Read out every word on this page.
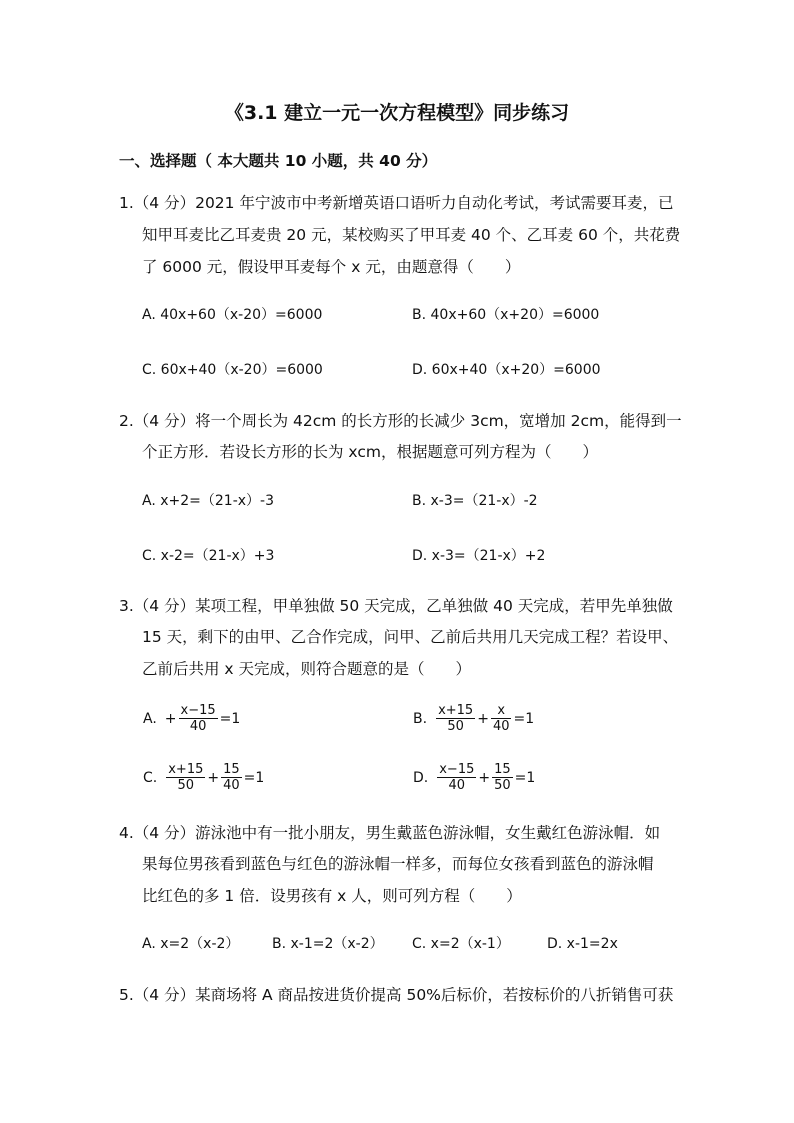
《3.1 建立一元一次方程模型》同步练习
一、选择题（ 本大题共 10 小题，共 40 分）
1.（4 分）2021 年宁波市中考新增英语口语听力自动化考试，考试需要耳麦，已
知甲耳麦比乙耳麦贵 20 元，某校购买了甲耳麦 40 个、乙耳麦 60 个，共花费
了 6000 元，假设甲耳麦每个 x 元，由题意得（　　）
A. 40x+60（x-20）=6000	B. 40x+60（x+20）=6000
C. 60x+40（x-20）=6000	D. 60x+40（x+20）=6000
2.（4 分）将一个周长为 42cm 的长方形的长减少 3cm，宽增加 2cm，能得到一
个正方形．若设长方形的长为 xcm，根据题意可列方程为（　　）
A. x+2=（21-x）-3	B. x-3=（21-x）-2
C. x-2=（21-x）+3	D. x-3=（21-x）+2
3.（4 分）某项工程，甲单独做 50 天完成，乙单独做 40 天完成，若甲先单独做
15 天，剩下的由甲、乙合作完成，问甲、乙前后共用几天完成工程？若设甲、
乙前后共用 x 天完成，则符合题意的是（　　）
A. + $\frac{x-15}{40} =1$	B. $\frac{x+15}{50} + \frac{x}{40} =1$
C. $\frac{x+15}{50} + \frac{15}{40} =1$	D. $\frac{x-15}{40} + \frac{15}{50} =1$
4.（4 分）游泳池中有一批小朋友，男生戴蓝色游泳帽，女生戴红色游泳帽．如
果每位男孩看到蓝色与红色的游泳帽一样多，而每位女孩看到蓝色的游泳帽
比红色的多 1 倍．设男孩有 x 人，则可列方程（　　）
A. x=2（x-2） B. x-1=2（x-2） C. x=2（x-1）	D. x-1=2x
5.（4 分）某商场将 A 商品按进货价提高 50%后标价，若按标价的八折销售可获
